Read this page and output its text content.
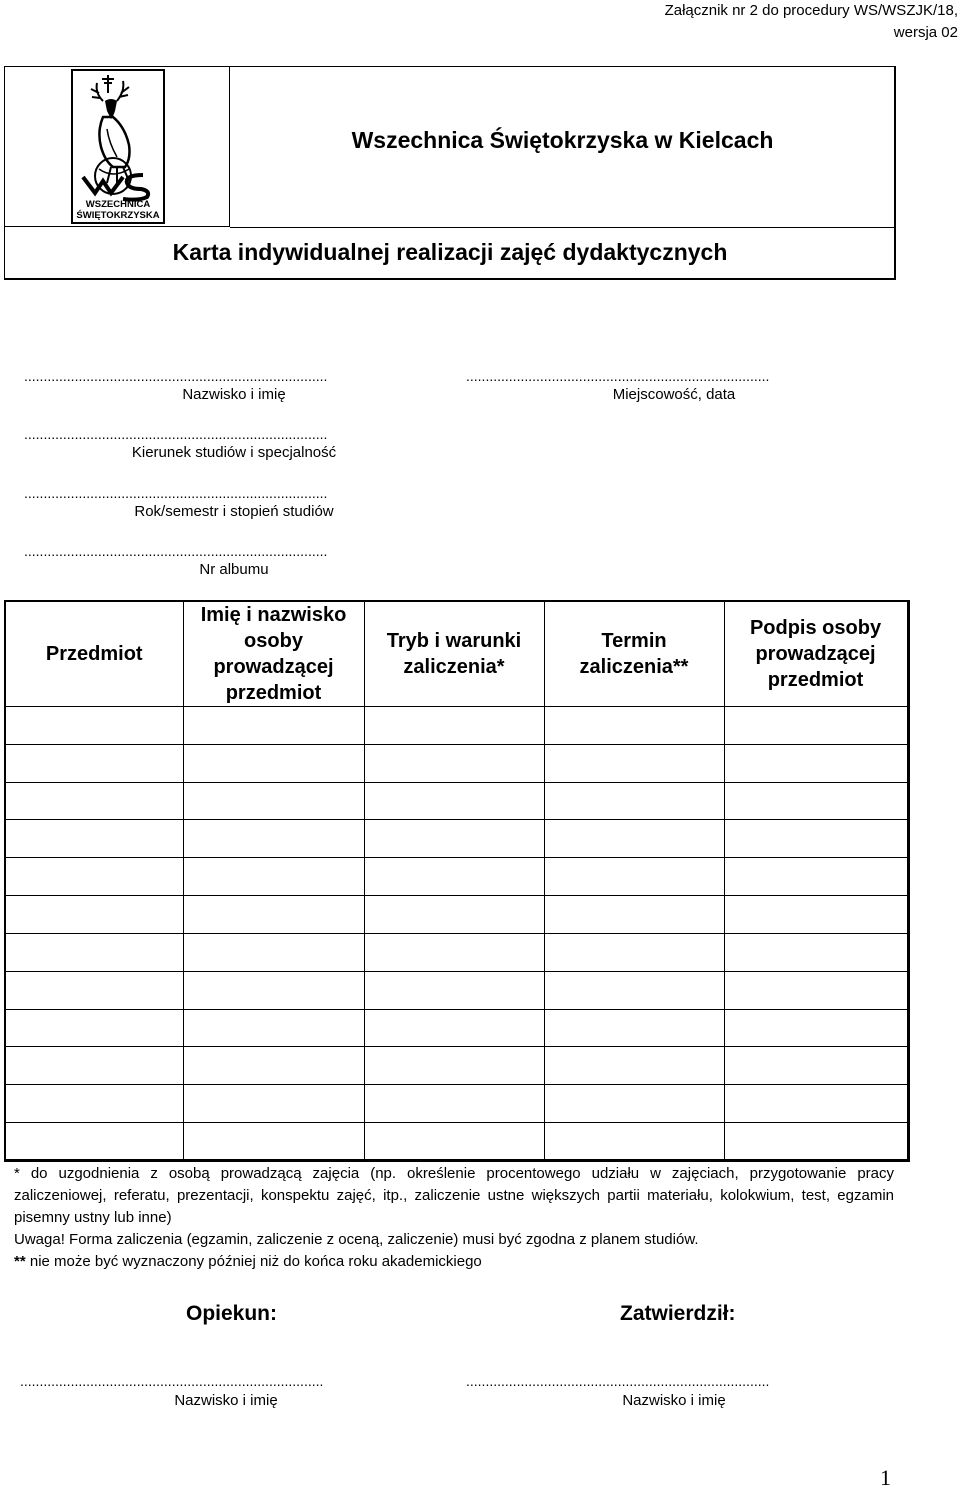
Załącznik nr 2 do procedury WS/WSZJK/18,
wersja 02
WSZECHNICA
ŚWIĘTOKRZYSKA
Wszechnica Świętokrzyska w Kielcach
Karta indywidualnej realizacji zajęć dydaktycznych
..............................................................................
Nazwisko i imię
..............................................................................
Miejscowość, data
..............................................................................
Kierunek studiów i specjalność
..............................................................................
Rok/semestr i stopień studiów
..............................................................................
Nr albumu
Przedmiot	Imię i nazwisko osoby prowadzącej przedmiot	Tryb i warunki zaliczenia*	Termin zaliczenia**	Podpis osoby prowadzącej przedmiot

* do uzgodnienia z osobą prowadzącą zajęcia (np. określenie procentowego udziału w zajęciach, przygotowanie pracy zaliczeniowej, referatu, prezentacji, konspektu zajęć, itp., zaliczenie ustne większych partii materiału, kolokwium, test, egzamin pisemny ustny lub inne)

Uwaga! Forma zaliczenia (egzamin, zaliczenie z oceną, zaliczenie) musi być zgodna z planem studiów.

** nie może być wyznaczony później niż do końca roku akademickiego

Opiekun:	Zatwierdził:
..............................................................................
Nazwisko i imię
..............................................................................
Nazwisko i imię
1
